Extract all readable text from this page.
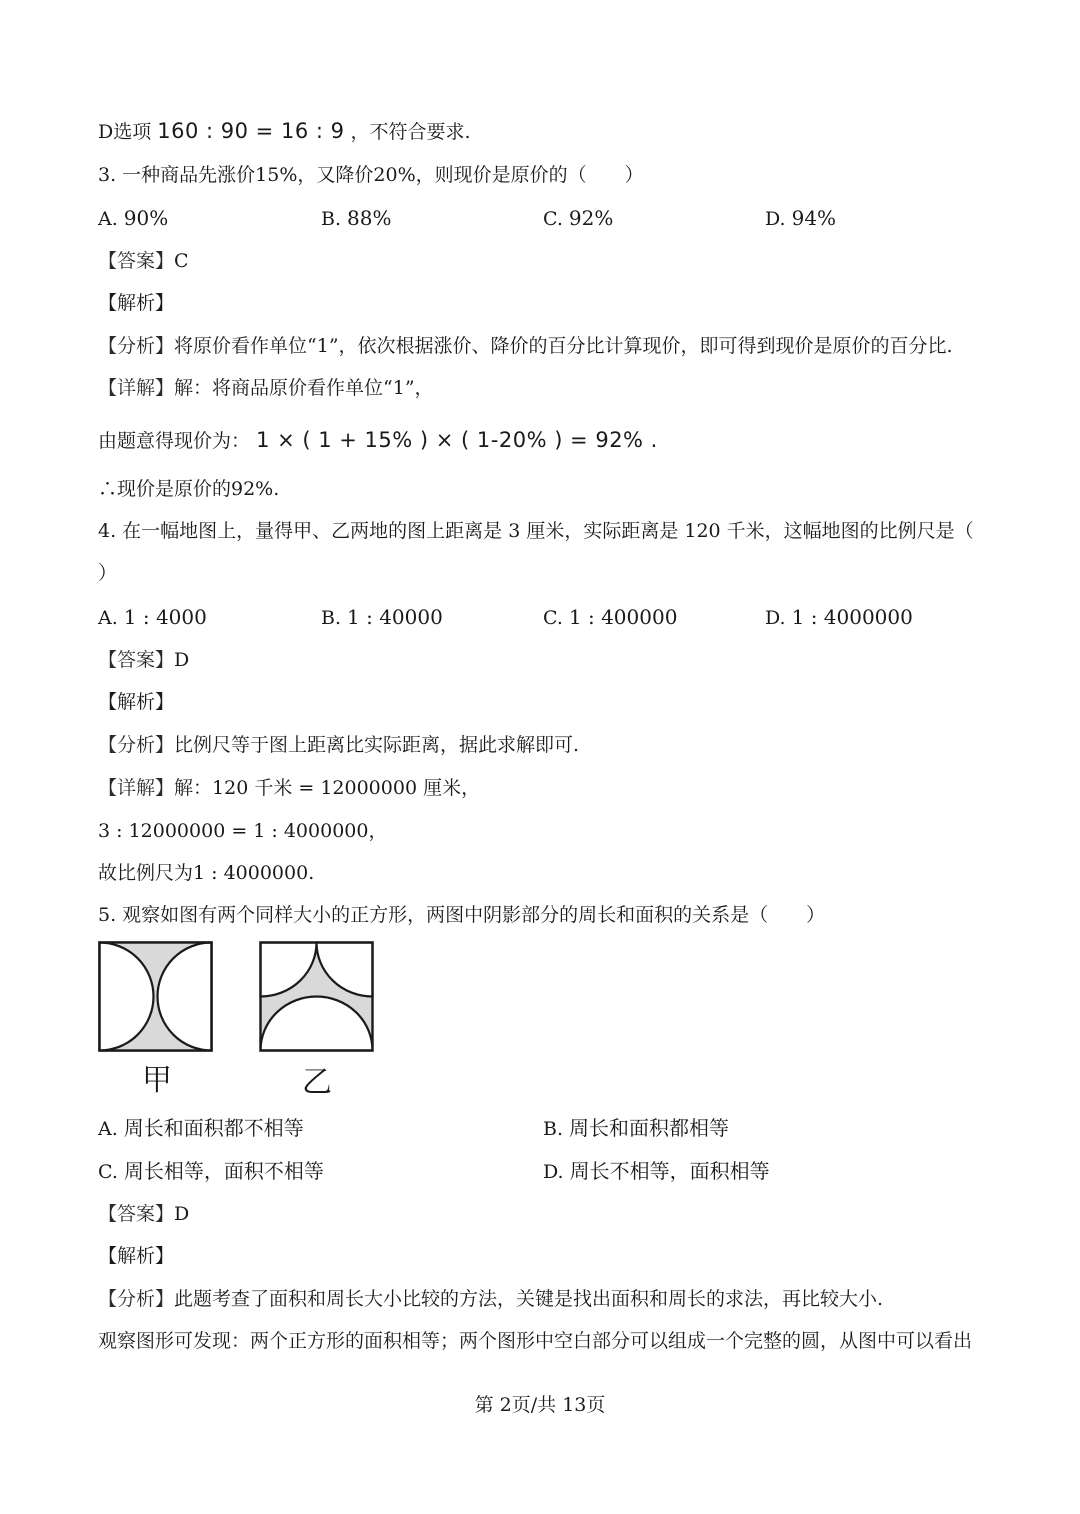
D选项 160 : 90 = 16 : 9 ，不符合要求.
3. 一种商品先涨价15%，又降价20%，则现价是原价的（　　）
A. 90%	B. 88%	C. 92%	D. 94%
【答案】C
【解析】
【分析】将原价看作单位“1”，依次根据涨价、降价的百分比计算现价，即可得到现价是原价的百分比.
【详解】解：将商品原价看作单位“1”，
由题意得现价为： 1 × ( 1 + 15% ) × ( 1-20% ) = 92% .
∴现价是原价的92%.
4. 在一幅地图上，量得甲、乙两地的图上距离是 3 厘米，实际距离是 120 千米，这幅地图的比例尺是（
）
A. 1 : 4000	B. 1 : 40000	C. 1 : 400000	D. 1 : 4000000
【答案】D
【解析】
【分析】比例尺等于图上距离比实际距离，据此求解即可.
【详解】解：120 千米 = 12000000 厘米，
3 : 12000000 = 1 : 4000000，
故比例尺为1 : 4000000.
5. 观察如图有两个同样大小的正方形，两图中阴影部分的周长和面积的关系是（　　）
甲	乙
A. 周长和面积都不相等	B. 周长和面积都相等
C. 周长相等，面积不相等	D. 周长不相等，面积相等
【答案】D
【解析】
【分析】此题考查了面积和周长大小比较的方法，关键是找出面积和周长的求法，再比较大小.
观察图形可发现：两个正方形的面积相等；两个图形中空白部分可以组成一个完整的圆，从图中可以看出
第 2页/共 13页
